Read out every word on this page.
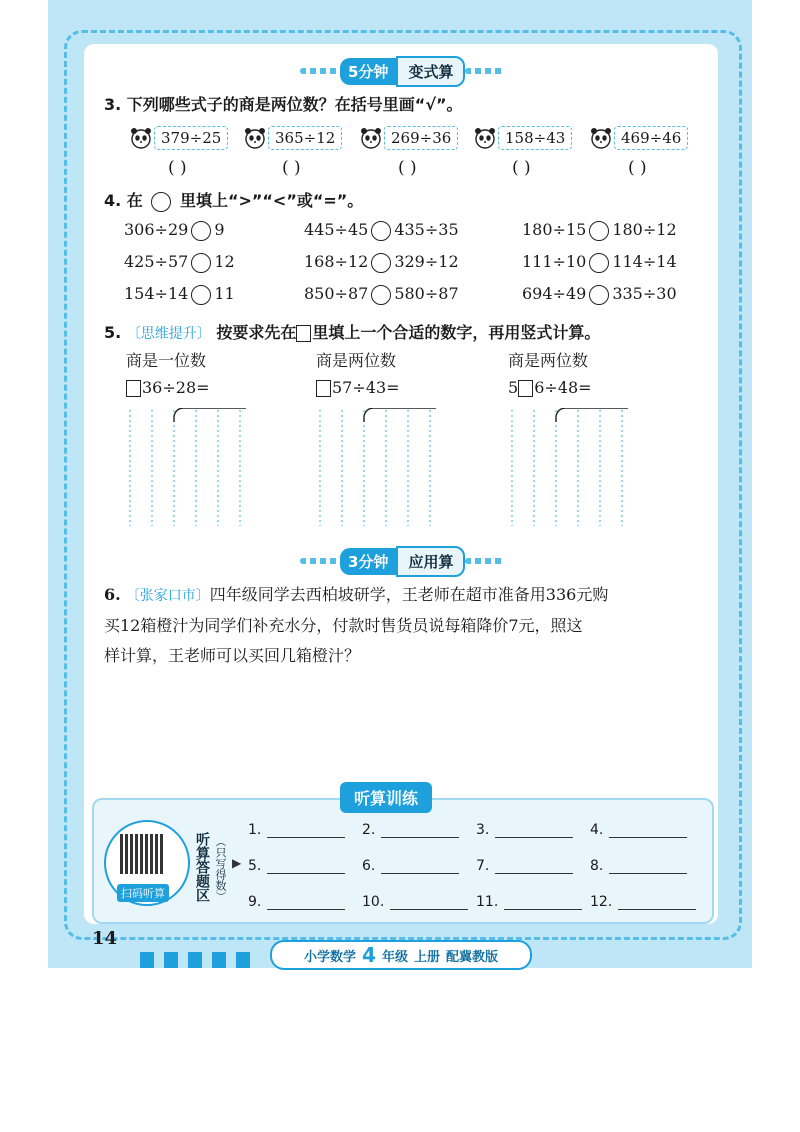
5分钟	变式算
3. 下列哪些式子的商是两位数？在括号里画“√”。
379÷25
( )
365÷12
( )
269÷36
( )
158÷43
( )
469÷46
( )
4. 在 里填上“>”“<”或“=”。
306÷29 9	445÷45 435÷35	180÷15 180÷12
425÷57 12	168÷12 329÷12	111÷10 114÷14
154÷14 11	850÷87 580÷87	694÷49 335÷30
5. 〔思维提升〕 按要求先在 里填上一个合适的数字，再用竖式计算。
商是一位数
36÷28=
商是两位数
57÷43=
商是两位数
5 6÷48=
3分钟	应用算
6. 〔张家口市〕四年级同学去西柏坡研学，王老师在超市准备用336元购
买12箱橙汁为同学们补充水分，付款时售货员说每箱降价7元，照这
样计算，王老师可以买回几箱橙汁？
听算训练
扫码听算 听算答题区 （只写得数） ▶
1.	2.	3.	4.
5.	6.	7.	8.
9.	10.	11.	12.
14
小学数学 4 年级 上册 配冀教版
